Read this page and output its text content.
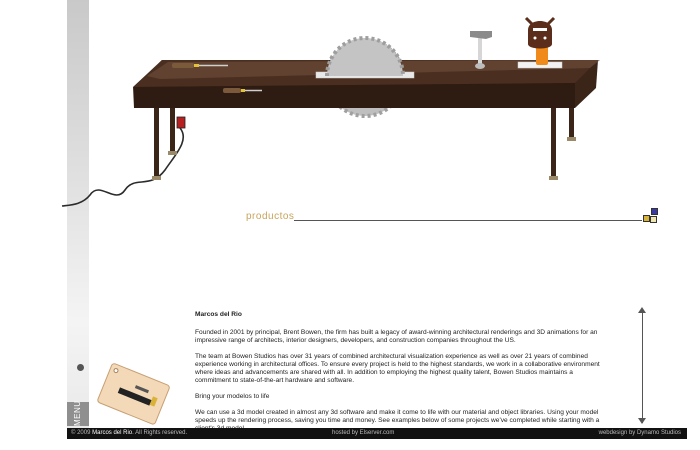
MENU
productos
Marcos del Rio

Founded in 2001 by principal, Brent Bowen, the firm has built a legacy of award-winning architectural renderings and 3D animations for an impressive range of architects, interior designers, developers, and construction companies throughout the US.

The team at Bowen Studios has over 31 years of combined architectural visualization experience as well as over 21 years of combined experience working in architectural offices. To ensure every project is held to the highest standards, we work in a collaborative environment where ideas and advancements are shared with all. In addition to employing the highest quality talent, Bowen Studios maintains a commitment to state-of-the-art hardware and software.

Bring your modelos to life

We can use a 3d model created in almost any 3d software and make it come to life with our material and object libraries. Using your model speeds up the rendering process, saving you time and money. See examples below of some projects we've completed while starting with a

© 2009 Marcos del Rio. All Rights reserved.	hosted by Elserver.com	webdesign by Dynamo Studios
